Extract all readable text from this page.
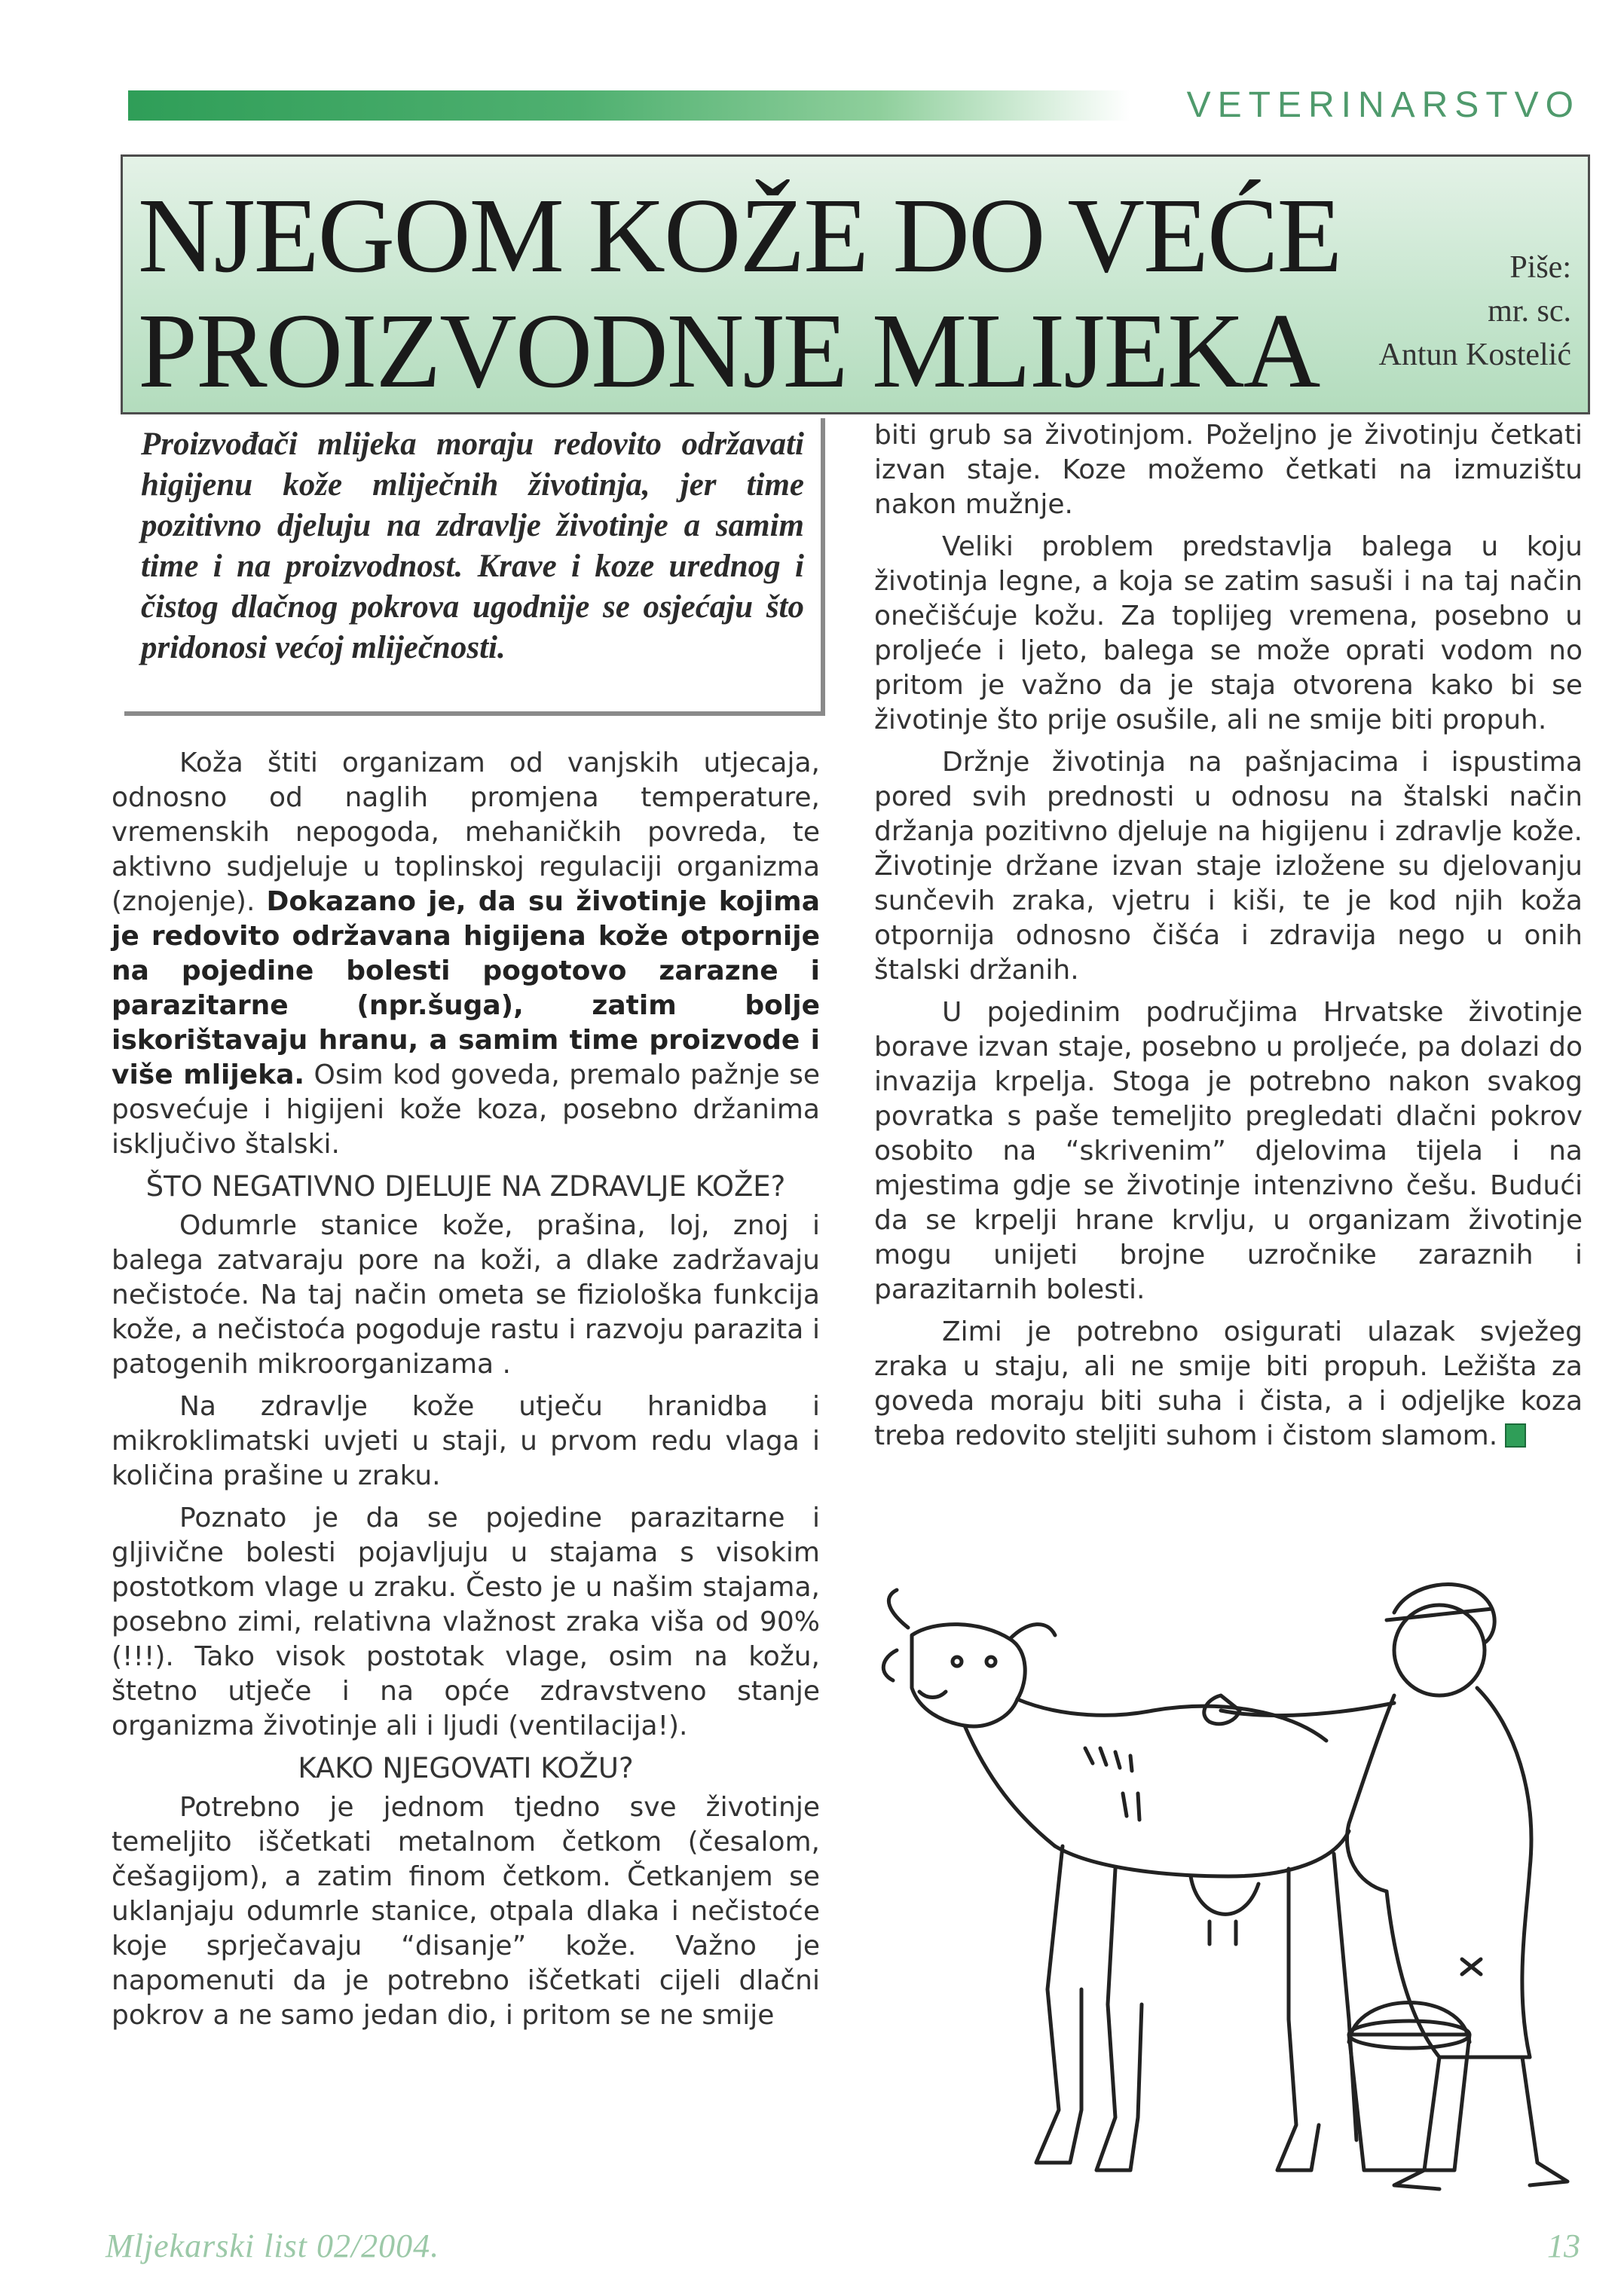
VETERINARSTVO
NJEGOM KOŽE DO VEĆE
PROIZVODNJE MLIJEKA
Piše:
mr. sc.
Antun Kostelić
Proizvođači mlijeka moraju redovito održavati higijenu kože mliječnih životinja, jer time pozitivno djeluju na zdravlje životinje a samim time i na proizvodnost. Krave i koze urednog i čistog dlačnog pokrova ugodnije se osjećaju što pridonosi većoj mliječnosti.

Koža štiti organizam od vanjskih utjecaja, odnosno od naglih promjena temperature, vremenskih nepogoda, mehaničkih povreda, te aktivno sudjeluje u toplinskoj regulaciji organizma (znojenje). Dokazano je, da su životinje kojima je redovito održavana higijena kože otpornije na pojedine bolesti pogotovo zarazne i parazitarne (npr.šuga), zatim bolje iskorištavaju hranu, a samim time proizvode i više mlijeka. Osim kod goveda, premalo pažnje se posvećuje i higijeni kože koza, posebno držanima isključivo štalski.

ŠTO NEGATIVNO DJELUJE NA ZDRAVLJE KOŽE?

Odumrle stanice kože, prašina, loj, znoj i balega zatvaraju pore na koži, a dlake zadržavaju nečistoće. Na taj način ometa se fiziološka funkcija kože, a nečistoća pogoduje rastu i razvoju parazita i patogenih mikroorganizama .

Na zdravlje kože utječu hranidba i mikroklimatski uvjeti u staji, u prvom redu vlaga i količina prašine u zraku.

Poznato je da se pojedine parazitarne i gljivične bolesti pojavljuju u stajama s visokim postotkom vlage u zraku. Često je u našim stajama, posebno zimi, relativna vlažnost zraka viša od 90% (!!!). Tako visok postotak vlage, osim na kožu, štetno utječe i na opće zdravstveno stanje organizma životinje ali i ljudi (ventilacija!).

KAKO NJEGOVATI KOŽU?

Potrebno je jednom tjedno sve životinje temeljito iščetkati metalnom četkom (česalom, češagijom), a zatim finom četkom. Četkanjem se uklanjaju odumrle stanice, otpala dlaka i nečistoće koje sprječavaju “disanje” kože. Važno je napomenuti da je potrebno iščetkati cijeli dlačni pokrov a ne samo jedan dio, i pritom se ne smije

biti grub sa životinjom. Poželjno je životinju četkati izvan staje. Koze možemo četkati na izmuzištu nakon mužnje.

Veliki problem predstavlja balega u koju životinja legne, a koja se zatim sasuši i na taj način onečišćuje kožu. Za toplijeg vremena, posebno u proljeće i ljeto, balega se može oprati vodom no pritom je važno da je staja otvorena kako bi se životinje što prije osušile, ali ne smije biti propuh.

Držnje životinja na pašnjacima i ispustima pored svih prednosti u odnosu na štalski način držanja pozitivno djeluje na higijenu i zdravlje kože. Životinje držane izvan staje izložene su djelovanju sunčevih zraka, vjetru i kiši, te je kod njih koža otpornija odnosno čišća i zdravija nego u onih štalski držanih.

U pojedinim područjima Hrvatske životinje borave izvan staje, posebno u proljeće, pa dolazi do invazija krpelja. Stoga je potrebno nakon svakog povratka s paše temeljito pregledati dlačni pokrov osobito na “skrivenim” djelovima tijela i na mjestima gdje se životinje intenzivno češu. Budući da se krpelji hrane krvlju, u organizam životinje mogu unijeti brojne uzročnike zaraznih i parazitarnih bolesti.

Zimi je potrebno osigurati ulazak svježeg zraka u staju, ali ne smije biti propuh. Ležišta za goveda moraju biti suha i čista, a i odjeljke koza treba redovito steljiti suhom i čistom slamom.

Mljekarski list 02/2004.	13
